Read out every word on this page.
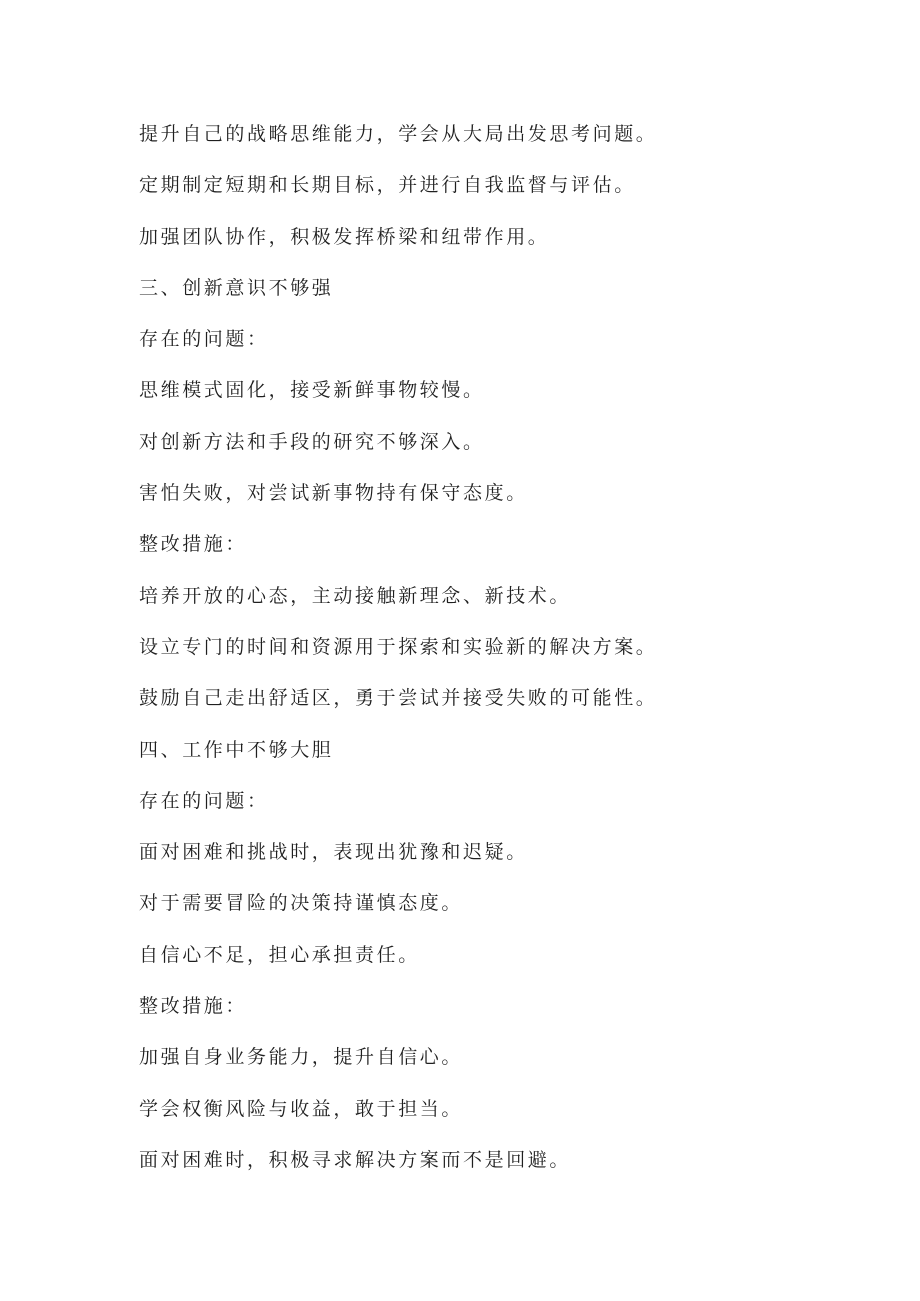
提升自己的战略思维能力，学会从大局出发思考问题。
定期制定短期和长期目标，并进行自我监督与评估。
加强团队协作，积极发挥桥梁和纽带作用。
三、创新意识不够强
存在的问题：
思维模式固化，接受新鲜事物较慢。
对创新方法和手段的研究不够深入。
害怕失败，对尝试新事物持有保守态度。
整改措施：
培养开放的心态，主动接触新理念、新技术。
设立专门的时间和资源用于探索和实验新的解决方案。
鼓励自己走出舒适区，勇于尝试并接受失败的可能性。
四、工作中不够大胆
存在的问题：
面对困难和挑战时，表现出犹豫和迟疑。
对于需要冒险的决策持谨慎态度。
自信心不足，担心承担责任。
整改措施：
加强自身业务能力，提升自信心。
学会权衡风险与收益，敢于担当。
面对困难时，积极寻求解决方案而不是回避。
